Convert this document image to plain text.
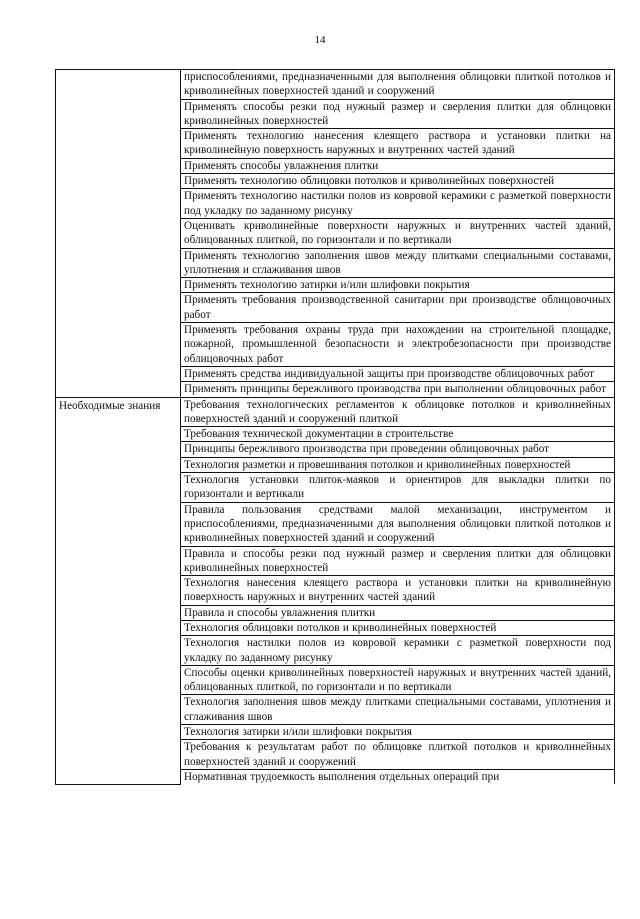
14
	приспособлениями, предназначенными для выполнения облицовки плиткой потолков и криволинейных поверхностей зданий и сооружений
	Применять способы резки под нужный размер и сверления плитки для облицовки криволинейных поверхностей
	Применять технологию нанесения клеящего раствора и установки плитки на криволинейную поверхность наружных и внутренних частей зданий
	Применять способы увлажнения плитки
	Применять технологию облицовки потолков и криволинейных поверхностей
	Применять технологию настилки полов из ковровой керамики с разметкой поверхности под укладку по заданному рисунку
	Оценивать криволинейные поверхности наружных и внутренних частей зданий, облицованных плиткой, по горизонтали и по вертикали
	Применять технологию заполнения швов между плитками специальными составами, уплотнения и сглаживания швов
	Применять технологию затирки и/или шлифовки покрытия
	Применять требования производственной санитарии при производстве облицовочных работ
	Применять требования охраны труда при нахождении на строительной площадке, пожарной, промышленной безопасности и электробезопасности при производстве облицовочных работ
	Применять средства индивидуальной защиты при производстве облицовочных работ
	Применять принципы бережливого производства при выполнении облицовочных работ
Необходимые знания	Требования технологических регламентов к облицовке потолков и криволинейных поверхностей зданий и сооружений плиткой
	Требования технической документации в строительстве
	Принципы бережливого производства при проведении облицовочных работ
	Технология разметки и провешивания потолков и криволинейных поверхностей
	Технология установки плиток-маяков и ориентиров для выкладки плитки по горизонтали и вертикали
	Правила пользования средствами малой механизации, инструментом и приспособлениями, предназначенными для выполнения облицовки плиткой потолков и криволинейных поверхностей зданий и сооружений
	Правила и способы резки под нужный размер и сверления плитки для облицовки криволинейных поверхностей
	Технология нанесения клеящего раствора и установки плитки на криволинейную поверхность наружных и внутренних частей зданий
	Правила и способы увлажнения плитки
	Технология облицовки потолков и криволинейных поверхностей
	Технология настилки полов из ковровой керамики с разметкой поверхности под укладку по заданному рисунку
	Способы оценки криволинейных поверхностей наружных и внутренних частей зданий, облицованных плиткой, по горизонтали и по вертикали
	Технология заполнения швов между плитками специальными составами, уплотнения и сглаживания швов
	Технология затирки и/или шлифовки покрытия
	Требования к результатам работ по облицовке плиткой потолков и криволинейных поверхностей зданий и сооружений
	Нормативная трудоемкость выполнения отдельных операций при
